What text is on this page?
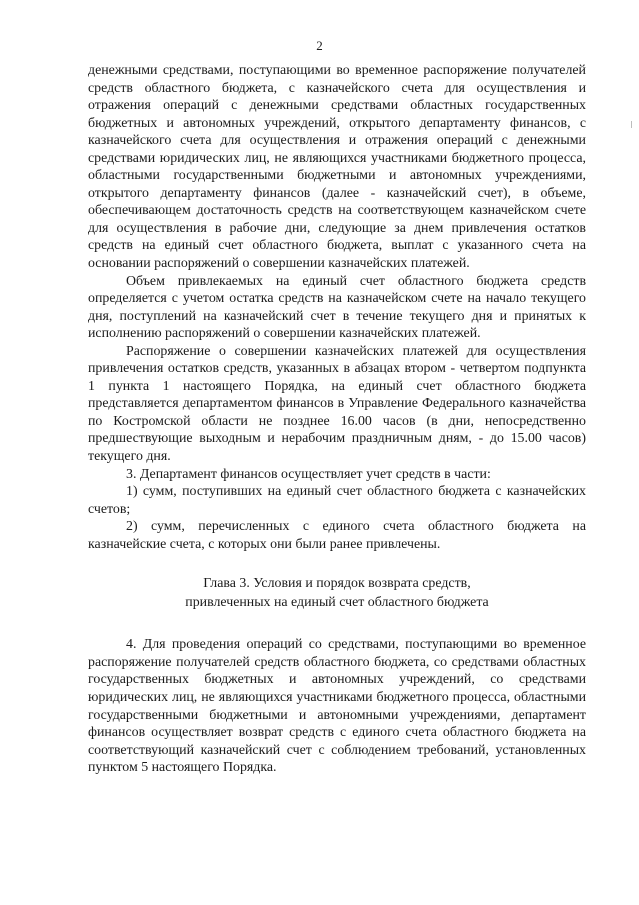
2

денежными средствами, поступающими во временное распоряжение получателей средств областного бюджета, с казначейского счета для осуществления и отражения операций с денежными средствами областных государственных бюджетных и автономных учреждений, открытого департаменту финансов, с казначейского счета для осуществления и отражения операций с денежными средствами юридических лиц, не являющихся участниками бюджетного процесса, областными государственными бюджетными и автономных учреждениями, открытого департаменту финансов (далее - казначейский счет), в объеме, обеспечивающем достаточность средств на соответствующем казначейском счете для осуществления в рабочие дни, следующие за днем привлечения остатков средств на единый счет областного бюджета, выплат с указанного счета на основании распоряжений о совершении казначейских платежей.

Объем привлекаемых на единый счет областного бюджета средств определяется с учетом остатка средств на казначейском счете на начало текущего дня, поступлений на казначейский счет в течение текущего дня и принятых к исполнению распоряжений о совершении казначейских платежей.

Распоряжение о совершении казначейских платежей для осуществления привлечения остатков средств, указанных в абзацах втором - четвертом подпункта 1 пункта 1 настоящего Порядка, на единый счет областного бюджета представляется департаментом финансов в Управление Федерального казначейства по Костромской области не позднее 16.00 часов (в дни, непосредственно предшествующие выходным и нерабочим праздничным дням, - до 15.00 часов) текущего дня.

3. Департамент финансов осуществляет учет средств в части:

1) сумм, поступивших на единый счет областного бюджета с казначейских счетов;

2) сумм, перечисленных с единого счета областного бюджета на казначейские счета, с которых они были ранее привлечены.

Глава 3. Условия и порядок возврата средств,
привлеченных на единый счет областного бюджета

4. Для проведения операций со средствами, поступающими во временное распоряжение получателей средств областного бюджета, со средствами областных государственных бюджетных и автономных учреждений, со средствами юридических лиц, не являющихся участниками бюджетного процесса, областными государственными бюджетными и автономными учреждениями, департамент финансов осуществляет возврат средств с единого счета областного бюджета на соответствующий казначейский счет с соблюдением требований, установленных пунктом 5 настоящего Порядка.
